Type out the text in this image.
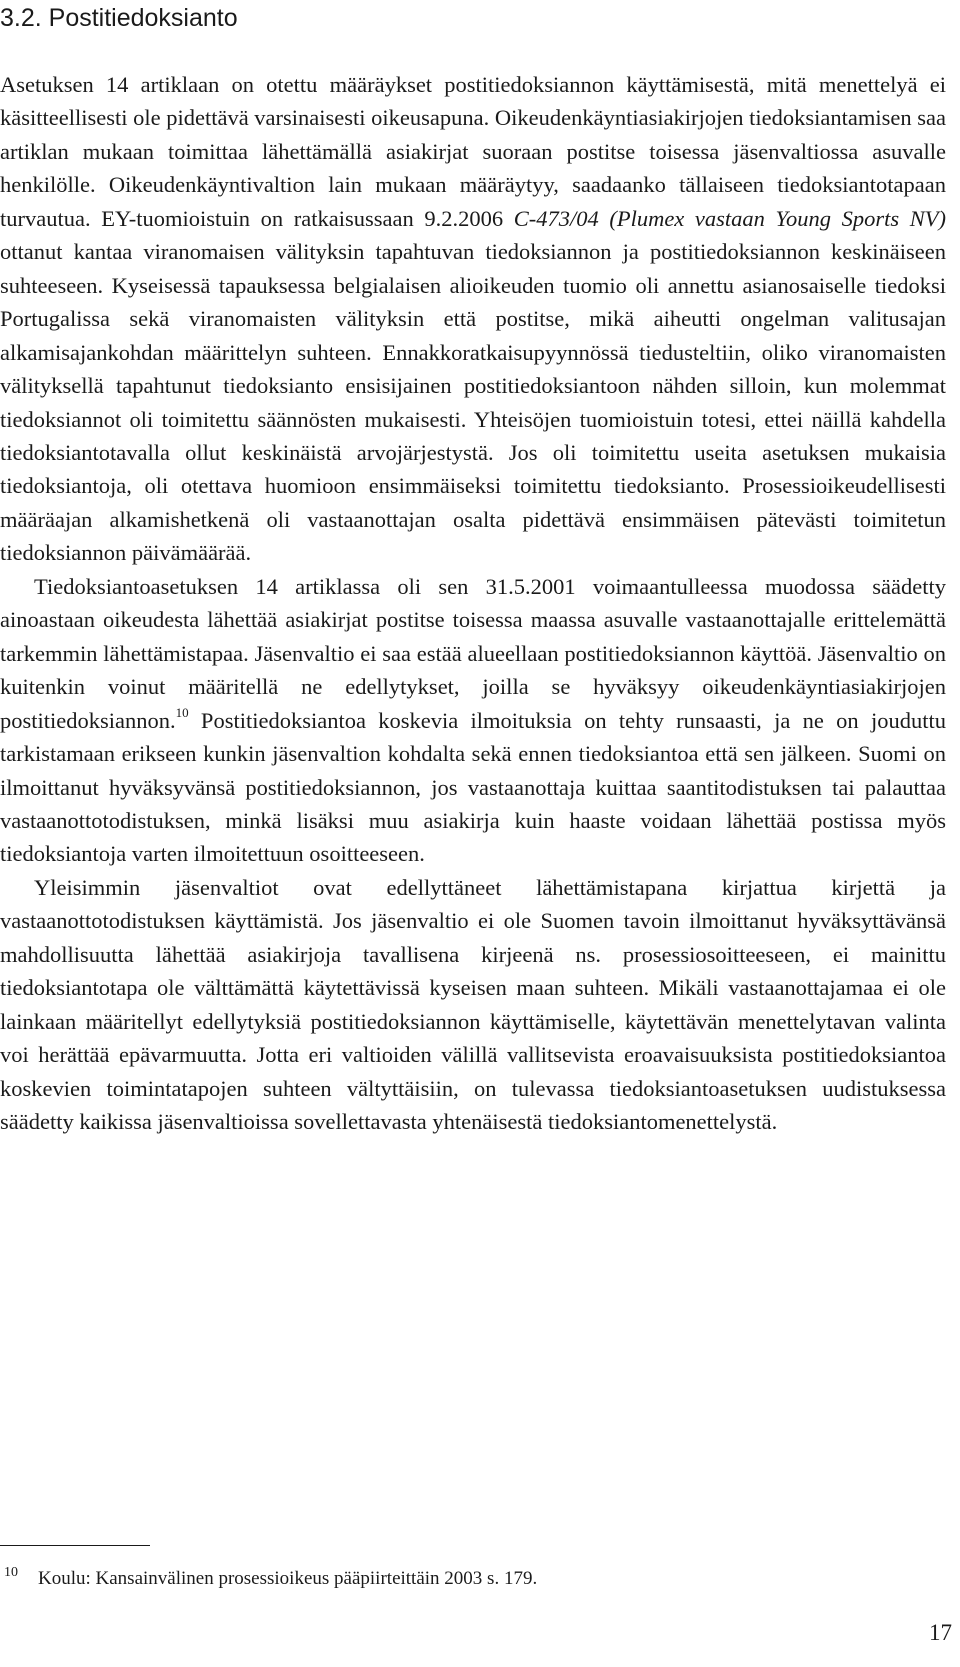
3.2. Postitiedoksianto

Asetuksen 14 artiklaan on otettu määräykset postitiedoksiannon käyttämisestä, mitä menettelyä ei käsitteellisesti ole pidettävä varsinaisesti oikeusapuna. Oikeudenkäyntiasiakirjojen tiedoksiantamisen saa artiklan mukaan toimittaa lähettämällä asiakirjat suoraan postitse toisessa jäsenvaltiossa asuvalle henkilölle. Oikeudenkäyntivaltion lain mukaan määräytyy, saadaanko tällaiseen tiedoksiantotapaan turvautua. EY-tuomioistuin on ratkaisussaan 9.2.2006 C-473/04 (Plumex vastaan Young Sports NV) ottanut kantaa viranomaisen välityksin tapahtuvan tiedoksiannon ja postitiedoksiannon keskinäiseen suhteeseen. Kyseisessä tapauksessa belgialaisen alioikeuden tuomio oli annettu asianosaiselle tiedoksi Portugalissa sekä viranomaisten välityksin että postitse, mikä aiheutti ongelman valitusajan alkamisajankohdan määrittelyn suhteen. Ennakkoratkaisupyynnössä tiedusteltiin, oliko viranomaisten välityksellä tapahtunut tiedoksianto ensisijainen postitiedoksiantoon nähden silloin, kun molemmat tiedoksiannot oli toimitettu säännösten mukaisesti. Yhteisöjen tuomioistuin totesi, ettei näillä kahdella tiedoksiantotavalla ollut keskinäistä arvojärjestystä. Jos oli toimitettu useita asetuksen mukaisia tiedoksiantoja, oli otettava huomioon ensimmäiseksi toimitettu tiedoksianto. Prosessioikeudellisesti määräajan alkamishetkenä oli vastaanottajan osalta pidettävä ensimmäisen pätevästi toimitetun tiedoksiannon päivämäärää.

Tiedoksiantoasetuksen 14 artiklassa oli sen 31.5.2001 voimaantulleessa muodossa säädetty ainoastaan oikeudesta lähettää asiakirjat postitse toisessa maassa asuvalle vastaanottajalle erittelemättä tarkemmin lähettämistapaa. Jäsenvaltio ei saa estää alueellaan postitiedoksiannon käyttöä. Jäsenvaltio on kuitenkin voinut määritellä ne edellytykset, joilla se hyväksyy oikeudenkäyntiasiakirjojen postitiedoksiannon.$^{10}$ Postitiedoksiantoa koskevia ilmoituksia on tehty runsaasti, ja ne on jouduttu tarkistamaan erikseen kunkin jäsenvaltion kohdalta sekä ennen tiedoksiantoa että sen jälkeen. Suomi on ilmoittanut hyväksyvänsä postitiedoksiannon, jos vastaanottaja kuittaa saantitodistuksen tai palauttaa vastaanottotodistuksen, minkä lisäksi muu asiakirja kuin haaste voidaan lähettää postissa myös tiedoksiantoja varten ilmoitettuun osoitteeseen.

Yleisimmin jäsenvaltiot ovat edellyttäneet lähettämistapana kirjattua kirjettä ja vastaanottotodistuksen käyttämistä. Jos jäsenvaltio ei ole Suomen tavoin ilmoittanut hyväksyttävänsä mahdollisuutta lähettää asiakirjoja tavallisena kirjeenä ns. prosessiosoitteeseen, ei mainittu tiedoksiantotapa ole välttämättä käytettävissä kyseisen maan suhteen. Mikäli vastaanottajamaa ei ole lainkaan määritellyt edellytyksiä postitiedoksiannon käyttämiselle, käytettävän menettelytavan valinta voi herättää epävarmuutta. Jotta eri valtioiden välillä vallitsevista eroavaisuuksista postitiedoksiantoa koskevien toimintatapojen suhteen vältyttäisiin, on tulevassa tiedoksiantoasetuksen uudistuksessa säädetty kaikissa jäsenvaltioissa sovellettavasta yhtenäisestä tiedoksiantomenettelystä.

10 Koulu: Kansainvälinen prosessioikeus pääpiirteittäin 2003 s. 179.
17
